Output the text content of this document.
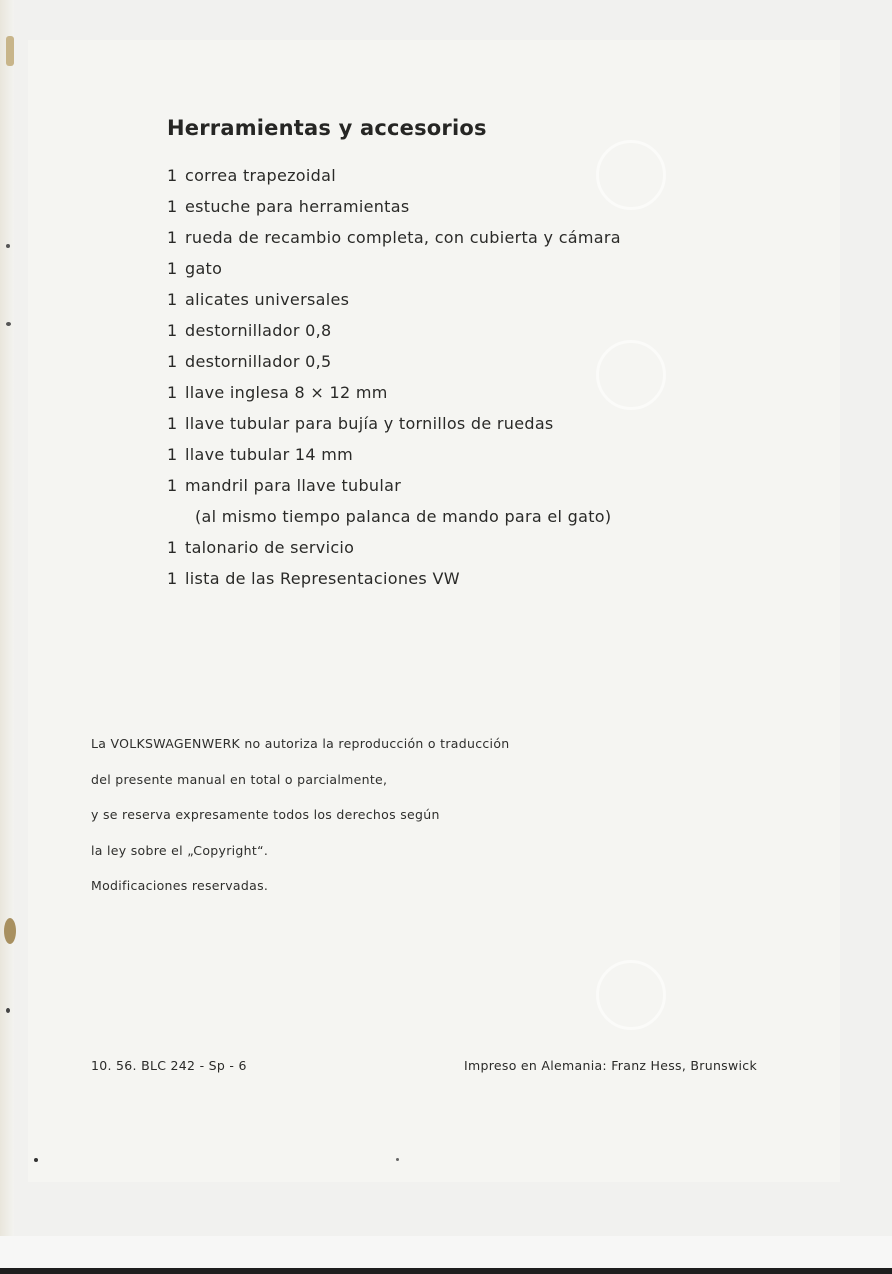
Herramientas y accesorios
1 correa trapezoidal
1 estuche para herramientas
1 rueda de recambio completa, con cubierta y cámara
1 gato
1 alicates universales
1 destornillador 0,8
1 destornillador 0,5
1 llave inglesa 8 × 12 mm
1 llave tubular para bujía y tornillos de ruedas
1 llave tubular 14 mm
1 mandril para llave tubular
(al mismo tiempo palanca de mando para el gato)
1 talonario de servicio
1 lista de las Representaciones VW

La VOLKSWAGENWERK no autoriza la reproducción o traducción

del presente manual en total o parcialmente,

y se reserva expresamente todos los derechos según

la ley sobre el „Copyright“.

Modificaciones reservadas.

10. 56. BLC 242 - Sp - 6	Impreso en Alemania: Franz Hess, Brunswick
